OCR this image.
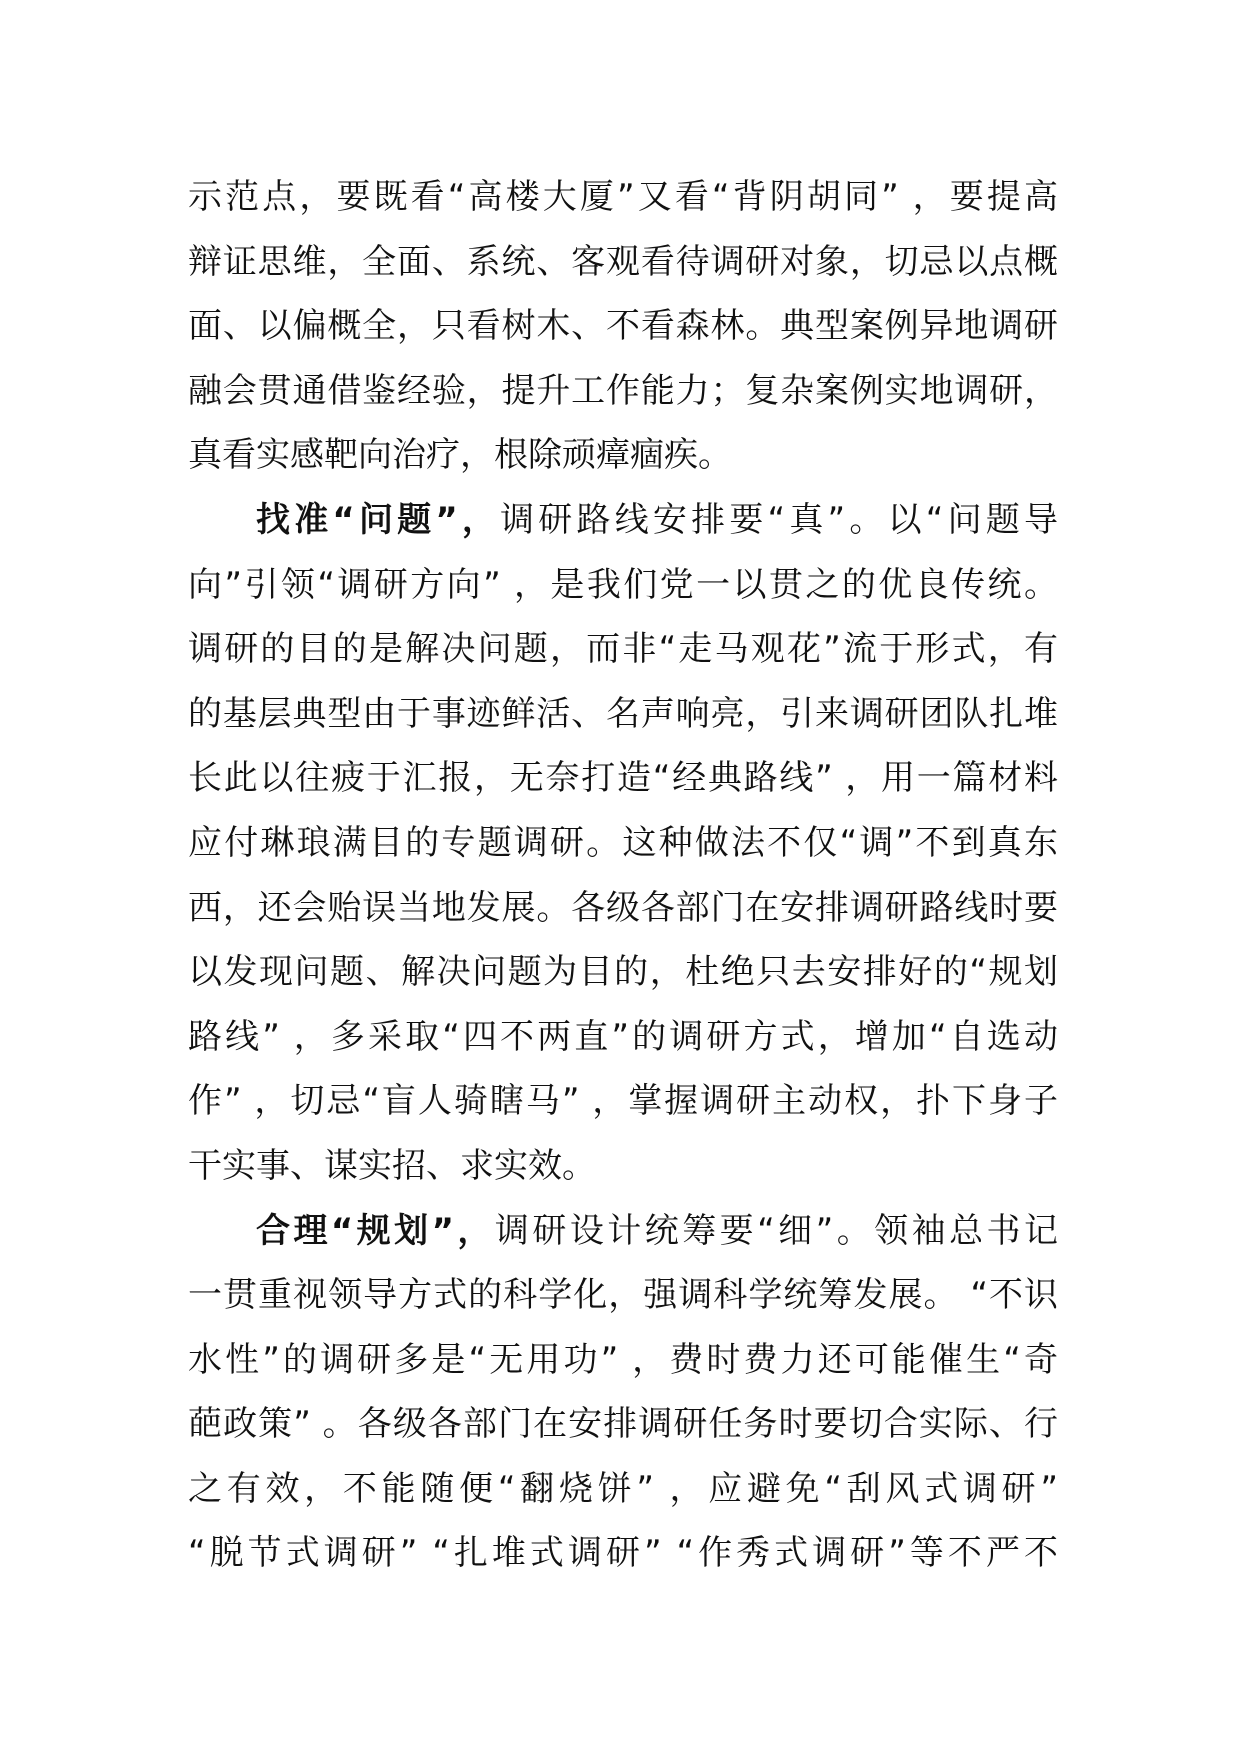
示范点，要既看“高楼大厦”又看“背阴胡同” ，要提高
辩证思维，全面、系统、客观看待调研对象，切忌以点概
面、以偏概全，只看树木、不看森林。典型案例异地调研
融会贯通借鉴经验，提升工作能力；复杂案例实地调研，
真看实感靶向治疗，根除顽瘴痼疾。
找准“问题”，调研路线安排要“真”。以“问题导
向”引领“调研方向” ，是我们党一以贯之的优良传统。
调研的目的是解决问题，而非“走马观花”流于形式，有
的基层典型由于事迹鲜活、名声响亮，引来调研团队扎堆
长此以往疲于汇报，无奈打造“经典路线” ，用一篇材料
应付琳琅满目的专题调研。这种做法不仅“调”不到真东
西，还会贻误当地发展。各级各部门在安排调研路线时要
以发现问题、解决问题为目的，杜绝只去安排好的“规划
路线” ，多采取“四不两直”的调研方式，增加“自选动
作” ，切忌“盲人骑瞎马” ，掌握调研主动权，扑下身子
干实事、谋实招、求实效。
合理“规划”，调研设计统筹要“细”。领袖总书记
一贯重视领导方式的科学化，强调科学统筹发展。 “不识
水性”的调研多是“无用功” ，费时费力还可能催生“奇
葩政策” 。各级各部门在安排调研任务时要切合实际、行
之有效，不能随便“翻烧饼” ，应避免“刮风式调研”
“脱节式调研” “扎堆式调研” “作秀式调研”等不严不
